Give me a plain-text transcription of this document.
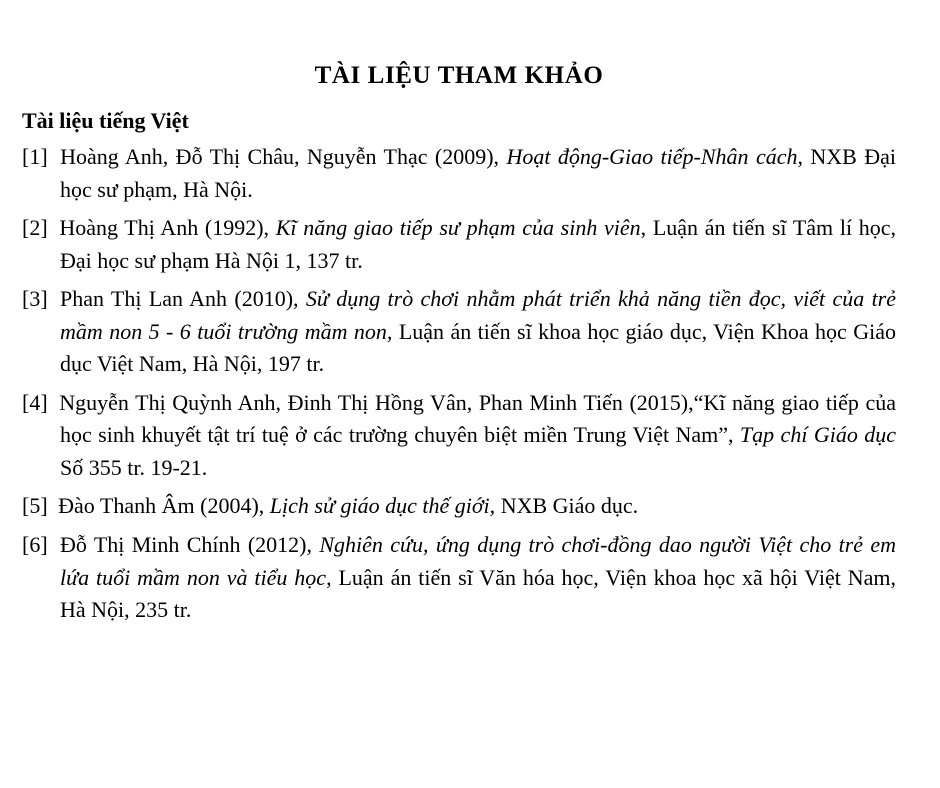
TÀI LIỆU THAM KHẢO
Tài liệu tiếng Việt
[1] Hoàng Anh, Đỗ Thị Châu, Nguyễn Thạc (2009), Hoạt động-Giao tiếp-Nhân cách, NXB Đại học sư phạm, Hà Nội.
[2] Hoàng Thị Anh (1992), Kĩ năng giao tiếp sư phạm của sinh viên, Luận án tiến sĩ Tâm lí học, Đại học sư phạm Hà Nội 1, 137 tr.
[3] Phan Thị Lan Anh (2010), Sử dụng trò chơi nhằm phát triển khả năng tiền đọc, viết của trẻ mầm non 5 - 6 tuổi trường mầm non, Luận án tiến sĩ khoa học giáo dục, Viện Khoa học Giáo dục Việt Nam, Hà Nội, 197 tr.
[4] Nguyễn Thị Quỳnh Anh, Đinh Thị Hồng Vân, Phan Minh Tiến (2015),“Kĩ năng giao tiếp của học sinh khuyết tật trí tuệ ở các trường chuyên biệt miền Trung Việt Nam”, Tạp chí Giáo dục Số 355 tr. 19-21.
[5] Đào Thanh Âm (2004), Lịch sử giáo dục thế giới, NXB Giáo dục.
[6] Đỗ Thị Minh Chính (2012), Nghiên cứu, ứng dụng trò chơi-đồng dao người Việt cho trẻ em lứa tuổi mầm non và tiểu học, Luận án tiến sĩ Văn hóa học, Viện khoa học xã hội Việt Nam, Hà Nội, 235 tr.
